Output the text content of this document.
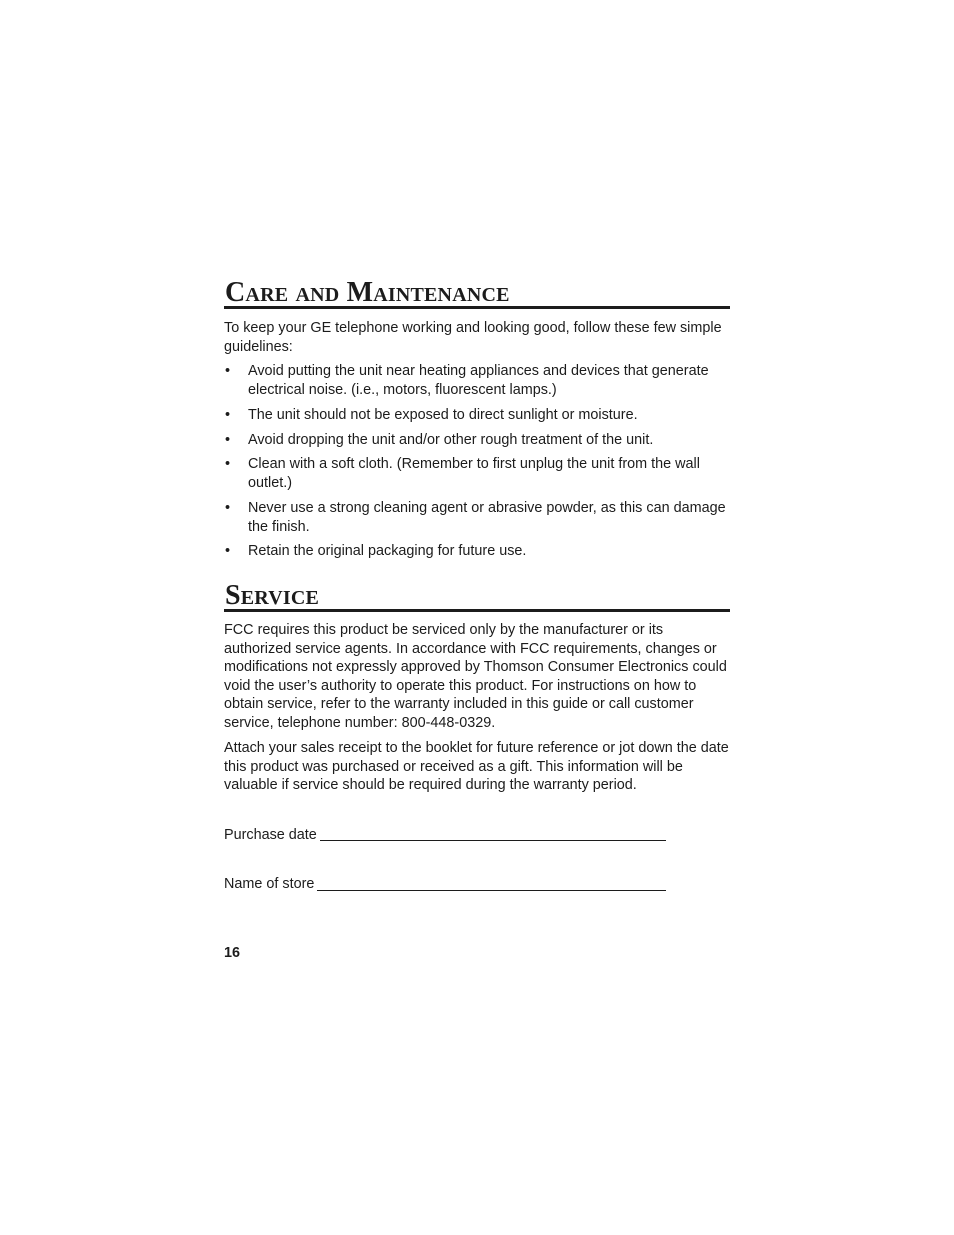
Care and Maintenance

To keep your GE telephone working and looking good, follow these few simple guidelines:

• Avoid putting the unit near heating appliances and devices that generate electrical noise. (i.e., motors, fluorescent lamps.)
• The unit should not be exposed to direct sunlight or moisture.
• Avoid dropping the unit and/or other rough treatment of the unit.
• Clean with a soft cloth. (Remember to first unplug the unit from the wall outlet.)
• Never use a strong cleaning agent or abrasive powder, as this can damage the finish.
• Retain the original packaging for future use.
Service

FCC requires this product be serviced only by the manufacturer or its authorized service agents. In accordance with FCC requirements, changes or modifications not expressly approved by Thomson Consumer Electronics could void the user’s authority to operate this product. For instructions on how to obtain service, refer to the warranty included in this guide or call customer service, telephone number: 800-448-0329.

Attach your sales receipt to the booklet for future reference or jot down the date this product was purchased or received as a gift. This information will be valuable if service should be required during the warranty period.

Purchase date
Name of store
16
